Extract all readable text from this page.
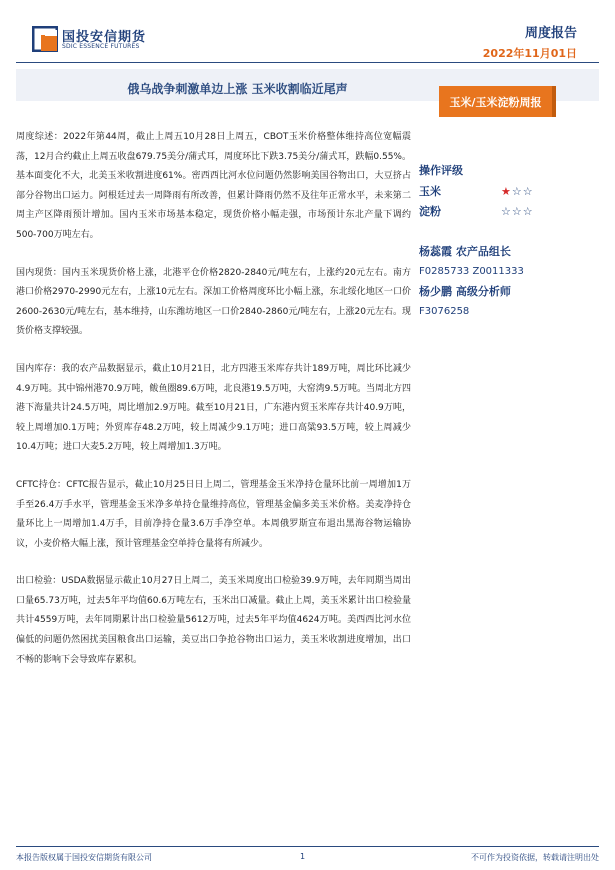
国投安信期货
SDIC ESSENCE FUTURES
周度报告
2022年11月01日
俄乌战争刺激单边上涨 玉米收割临近尾声
玉米/玉米淀粉周报

周度综述：2022年第44周，截止上周五10月28日上周五，CBOT玉米价格整体维持高位宽幅震荡，12月合约截止上周五收盘679.75美分/蒲式耳，周度环比下跌3.75美分/蒲式耳，跌幅0.55%。基本面变化不大，北美玉米收割进度61%。密西西比河水位问题仍然影响美国谷物出口，大豆挤占部分谷物出口运力。阿根廷过去一周降雨有所改善，但累计降雨仍然不及往年正常水平，未来第二周主产区降雨预计增加。国内玉米市场基本稳定，现货价格小幅走强，市场预计东北产量下调约500-700万吨左右。

国内现货：国内玉米现货价格上涨，北港平仓价格2820-2840元/吨左右，上涨约20元左右。南方港口价格2970-2990元左右，上涨10元左右。深加工价格周度环比小幅上涨，东北绥化地区一口价2600-2630元/吨左右，基本维持，山东潍坊地区一口价2840-2860元/吨左右，上涨20元左右。现货价格支撑较强。

国内库存：我的农产品数据显示，截止10月21日，北方四港玉米库存共计189万吨，周比环比减少4.9万吨。其中锦州港70.9万吨，鲅鱼圈89.6万吨，北良港19.5万吨，大窑湾9.5万吨。当周北方四港下海量共计24.5万吨，周比增加2.9万吨。截至10月21日，广东港内贸玉米库存共计40.9万吨，较上周增加0.1万吨；外贸库存48.2万吨，较上周减少9.1万吨；进口高粱93.5万吨，较上周减少10.4万吨；进口大麦5.2万吨，较上周增加1.3万吨。

CFTC持仓：CFTC报告显示，截止10月25日日上周二，管理基金玉米净持仓量环比前一周增加1万手至26.4万手水平，管理基金玉米净多单持仓量维持高位，管理基金偏多美玉米价格。美麦净持仓量环比上一周增加1.4万手，目前净持仓量3.6万手净空单。本周俄罗斯宣布退出黑海谷物运输协议，小麦价格大幅上涨，预计管理基金空单持仓量将有所减少。

出口检验：USDA数据显示截止10月27日上周二，美玉米周度出口检验39.9万吨，去年同期当周出口量65.73万吨，过去5年平均值60.6万吨左右，玉米出口减量。截止上周，美玉米累计出口检验量共计4559万吨，去年同期累计出口检验量5612万吨，过去5年平均值4624万吨。美西西比河水位偏低的问题仍然困扰美国粮食出口运输，美豆出口争抢谷物出口运力，美玉米收割进度增加，出口不畅的影响下会导致库存累积。

操作评级
玉米	★☆☆
淀粉	☆☆☆
杨蕊霞 农产品组长
F0285733 Z0011333
杨少鹏 高级分析师
F3076258
本报告版权属于国投安信期货有限公司	1	不可作为投资依据，转载请注明出处
